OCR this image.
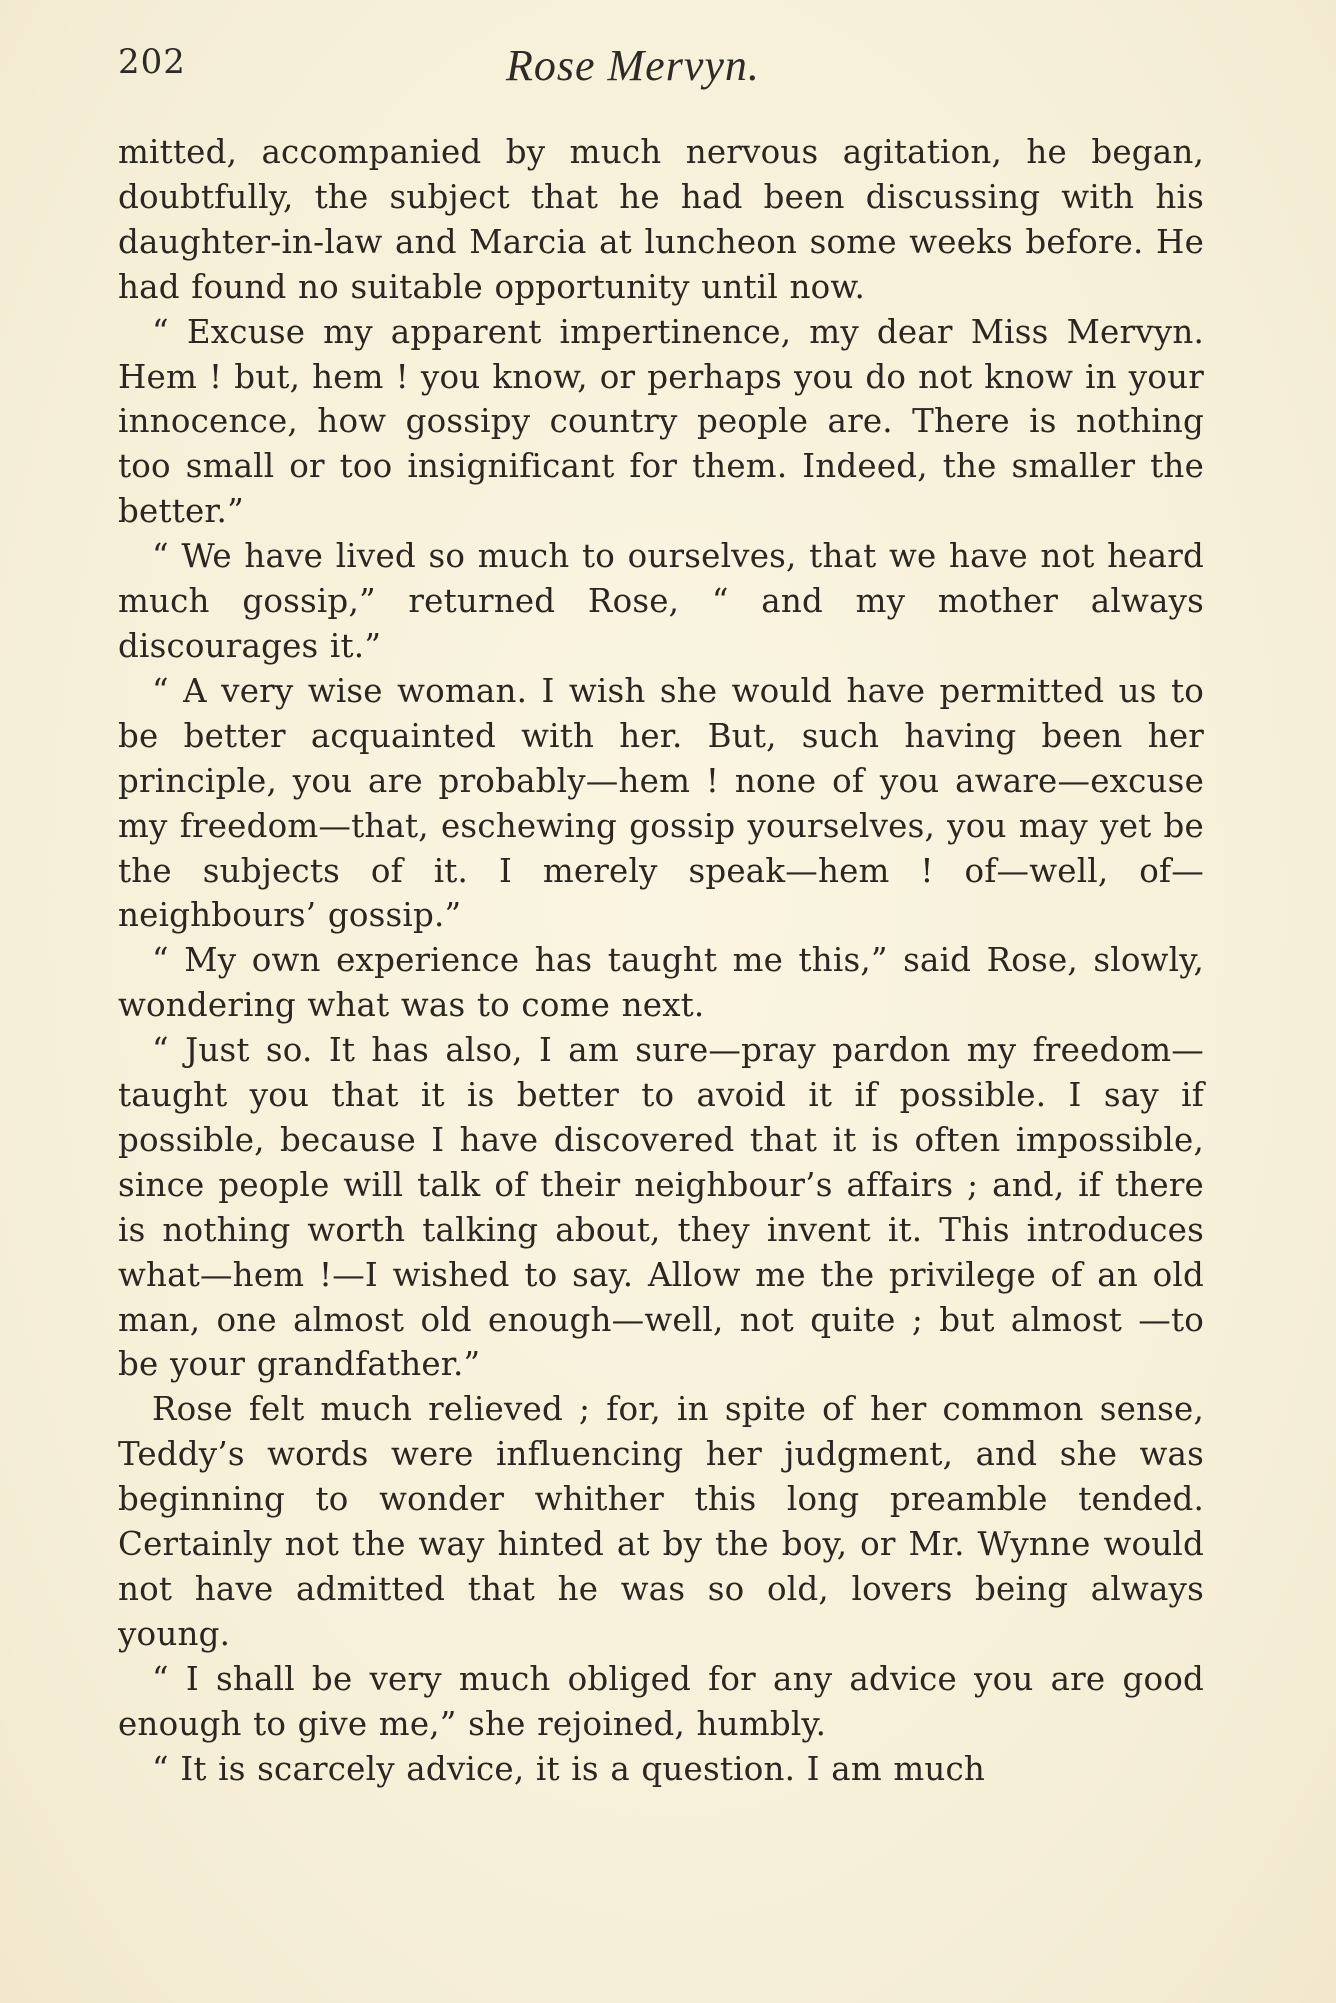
202	Rose Mervyn.

mitted, accompanied by much nervous agitation, he began, doubtfully, the subject that he had been discussing with his daughter-in-law and Marcia at luncheon some weeks before. He had found no suitable opportunity until now.

“ Excuse my apparent impertinence, my dear Miss Mervyn. Hem ! but, hem ! you know, or perhaps you do not know in your innocence, how gossipy country people are. There is nothing too small or too insignificant for them. Indeed, the smaller the better.”

“ We have lived so much to ourselves, that we have not heard much gossip,” returned Rose, “ and my mother always discourages it.”

“ A very wise woman. I wish she would have permitted us to be better acquainted with her. But, such having been her principle, you are probably—hem ! none of you aware—excuse my freedom—that, eschewing gossip yourselves, you may yet be the subjects of it. I merely speak—hem ! of—well, of—neighbours’ gossip.”

“ My own experience has taught me this,” said Rose, slowly, wondering what was to come next.

“ Just so. It has also, I am sure—pray pardon my freedom—taught you that it is better to avoid it if possible. I say if possible, because I have discovered that it is often impossible, since people will talk of their neighbour’s affairs ; and, if there is nothing worth talking about, they invent it. This introduces what—hem !—I wished to say. Allow me the privilege of an old man, one almost old enough—well, not quite ; but almost —to be your grandfather.”

Rose felt much relieved ; for, in spite of her common sense, Teddy’s words were influencing her judgment, and she was beginning to wonder whither this long preamble tended. Certainly not the way hinted at by the boy, or Mr. Wynne would not have admitted that he was so old, lovers being always young.

“ I shall be very much obliged for any advice you are good enough to give me,” she rejoined, humbly.

“ It is scarcely advice, it is a question. I am much
